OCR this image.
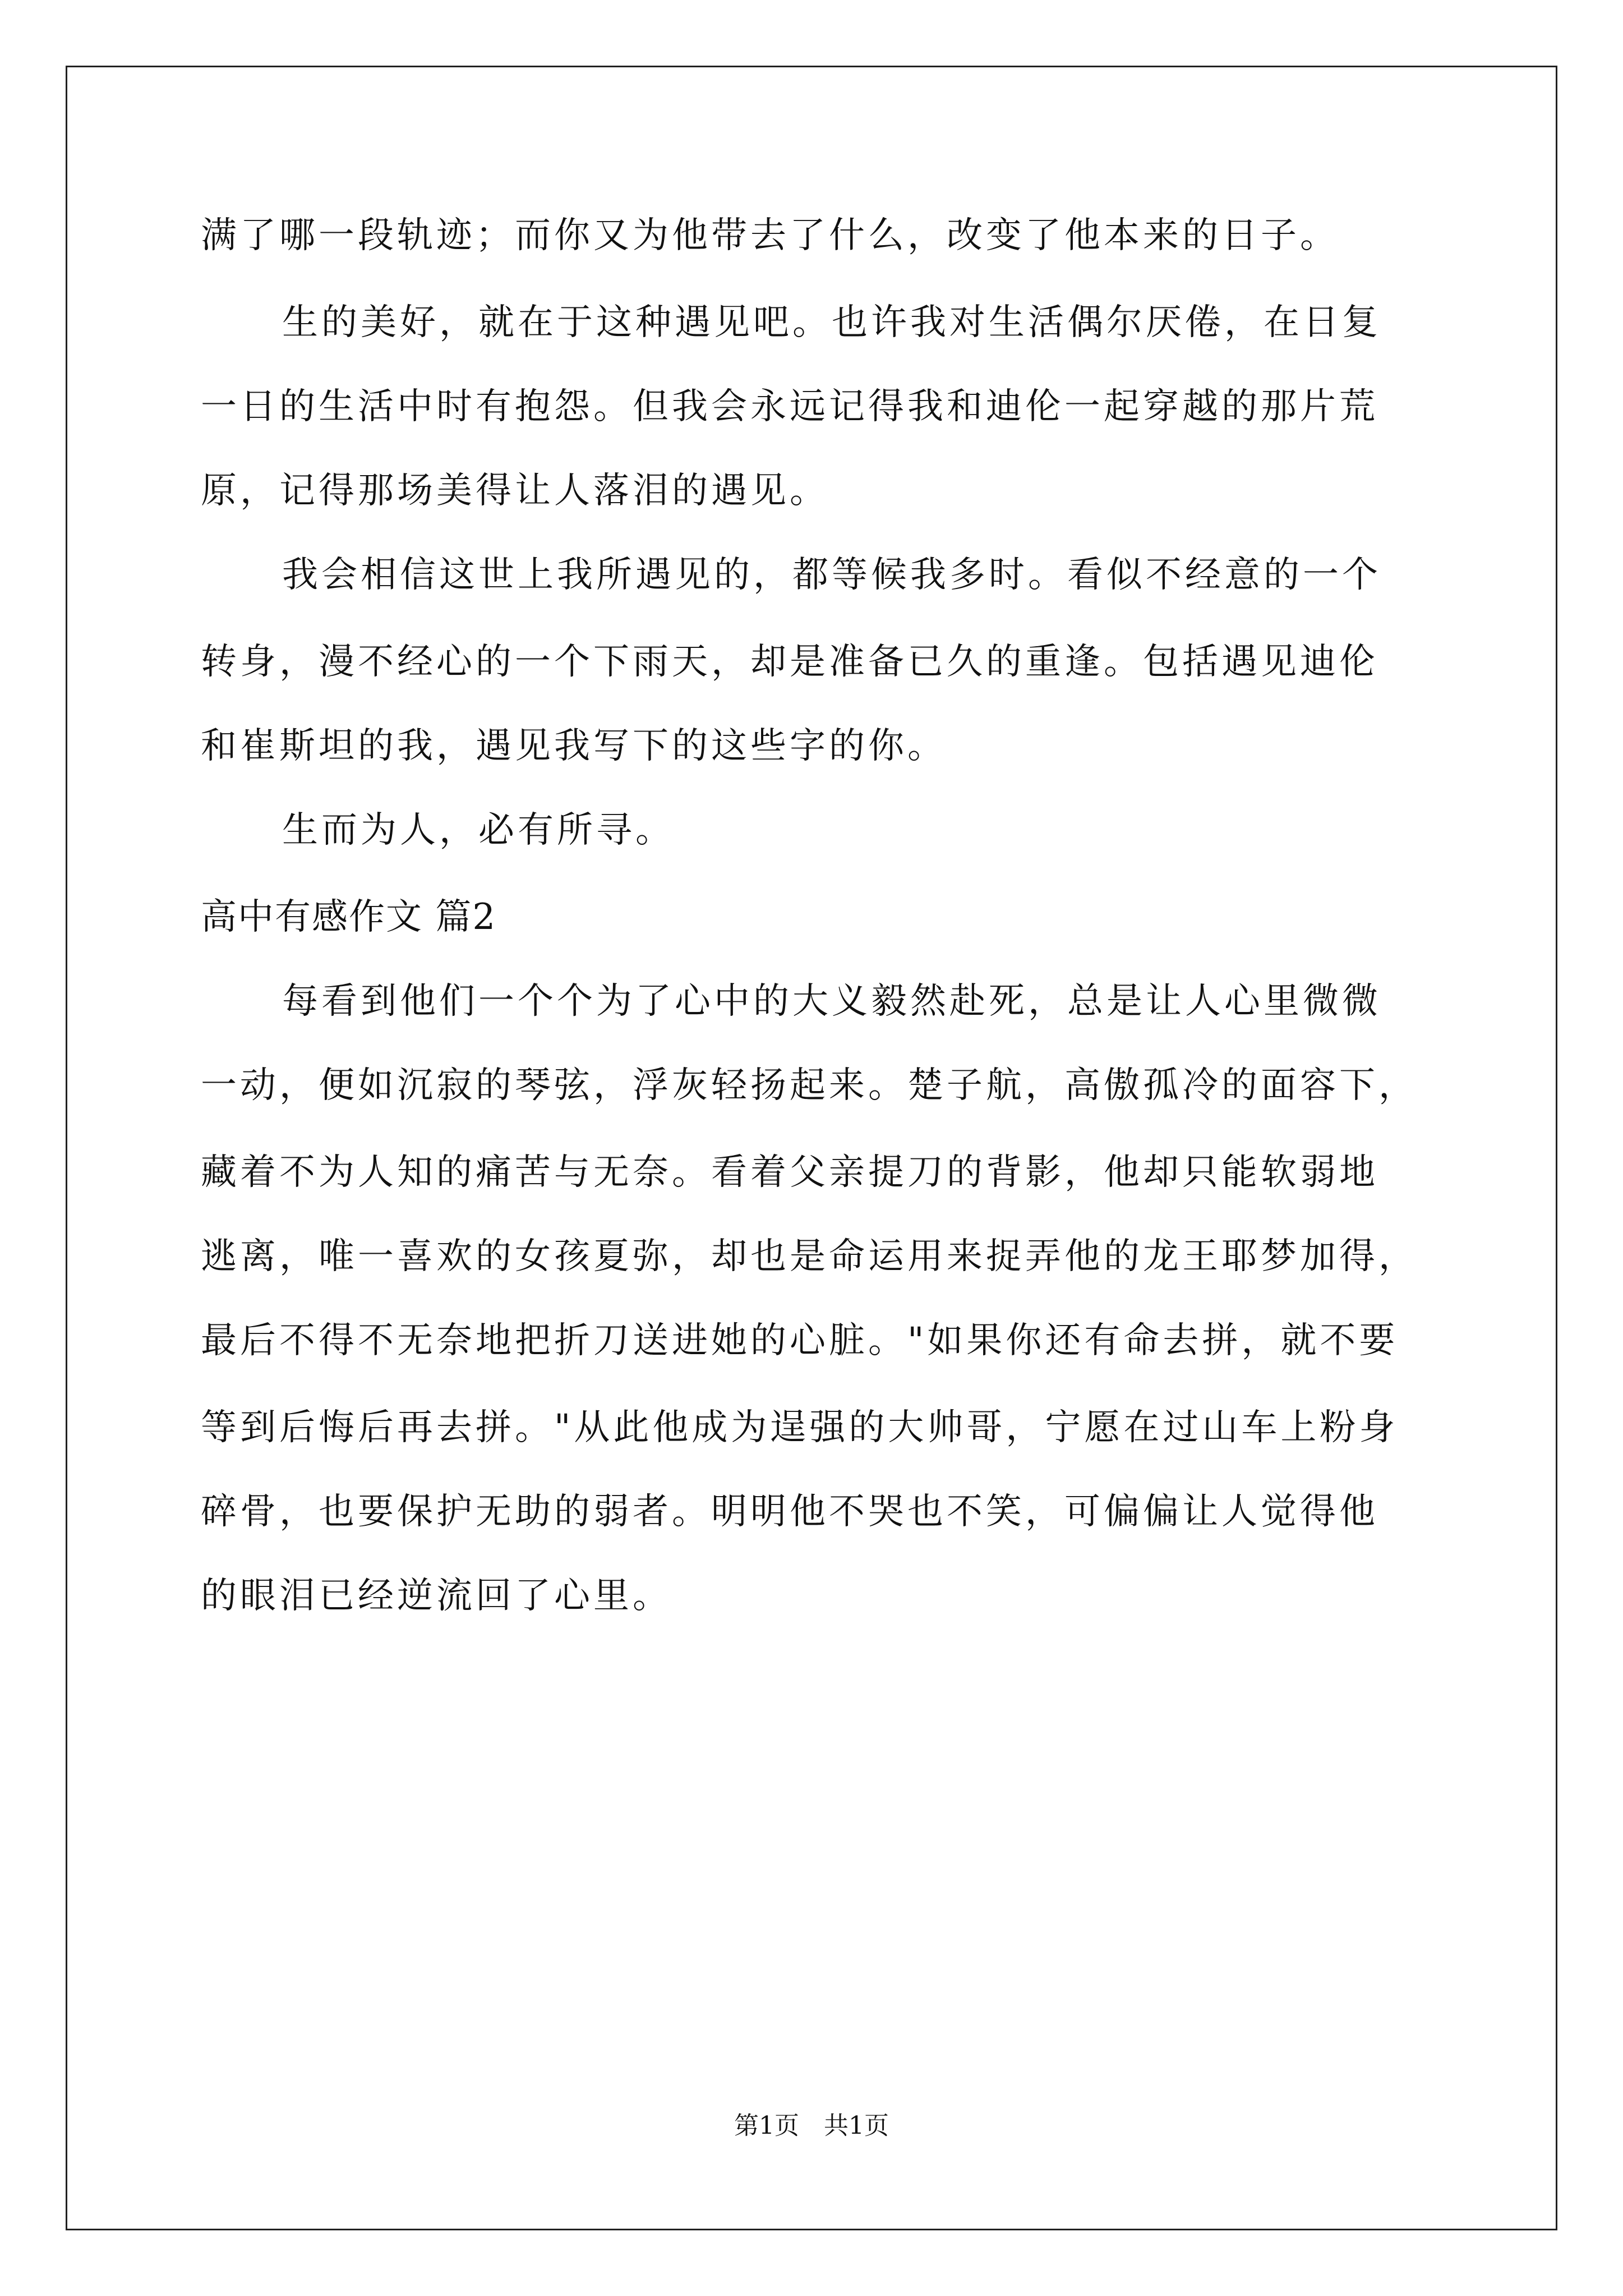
满了哪一段轨迹；而你又为他带去了什么，改变了他本来的日子。
生的美好，就在于这种遇见吧。也许我对生活偶尔厌倦，在日复
一日的生活中时有抱怨。但我会永远记得我和迪伦一起穿越的那片荒
原，记得那场美得让人落泪的遇见。
我会相信这世上我所遇见的，都等候我多时。看似不经意的一个
转身，漫不经心的一个下雨天，却是准备已久的重逢。包括遇见迪伦
和崔斯坦的我，遇见我写下的这些字的你。
生而为人，必有所寻。
高中有感作文 篇2
每看到他们一个个为了心中的大义毅然赴死，总是让人心里微微
一动，便如沉寂的琴弦，浮灰轻扬起来。楚子航，高傲孤冷的面容下，
藏着不为人知的痛苦与无奈。看着父亲提刀的背影，他却只能软弱地
逃离，唯一喜欢的女孩夏弥，却也是命运用来捉弄他的龙王耶梦加得，
最后不得不无奈地把折刀送进她的心脏。"如果你还有命去拼，就不要
等到后悔后再去拼。"从此他成为逞强的大帅哥，宁愿在过山车上粉身
碎骨，也要保护无助的弱者。明明他不哭也不笑，可偏偏让人觉得他
的眼泪已经逆流回了心里。
第1页　共1页
